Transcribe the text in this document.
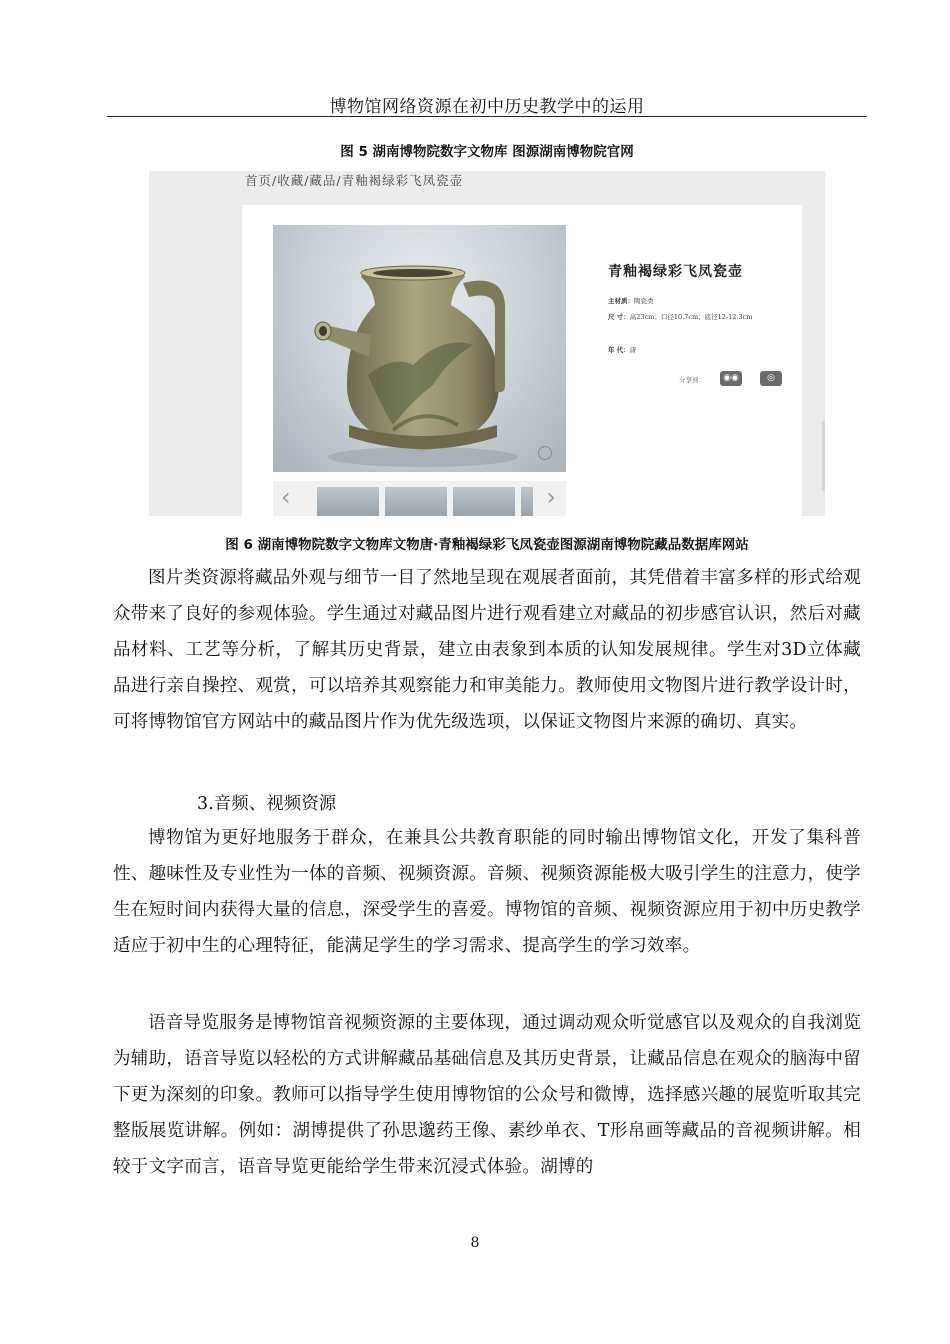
博物馆网络资源在初中历史教学中的运用
图 5 湖南博物院数字文物库 图源湖南博物院官网
首页/收藏/藏品/青釉褐绿彩飞凤瓷壶
‹	›
青釉褐绿彩飞凤瓷壶
主材质：陶瓷类
尺 寸：高23cm；口径10.7cm；底径12-12.3cm
年 代：唐
分享到：	◉◉	◎
图 6 湖南博物院数字文物库文物唐·青釉褐绿彩飞凤瓷壶图源湖南博物院藏品数据库网站

图片类资源将藏品外观与细节一目了然地呈现在观展者面前，其凭借着丰富多样的形式给观众带来了良好的参观体验。学生通过对藏品图片进行观看建立对藏品的初步感官认识，然后对藏品材料、工艺等分析，了解其历史背景，建立由表象到本质的认知发展规律。学生对3D立体藏品进行亲自操控、观赏，可以培养其观察能力和审美能力。教师使用文物图片进行教学设计时，可将博物馆官方网站中的藏品图片作为优先级选项，以保证文物图片来源的确切、真实。

3.音频、视频资源

博物馆为更好地服务于群众，在兼具公共教育职能的同时输出博物馆文化，开发了集科普性、趣味性及专业性为一体的音频、视频资源。音频、视频资源能极大吸引学生的注意力，使学生在短时间内获得大量的信息，深受学生的喜爱。博物馆的音频、视频资源应用于初中历史教学适应于初中生的心理特征，能满足学生的学习需求、提高学生的学习效率。

语音导览服务是博物馆音视频资源的主要体现，通过调动观众听觉感官以及观众的自我浏览为辅助，语音导览以轻松的方式讲解藏品基础信息及其历史背景，让藏品信息在观众的脑海中留下更为深刻的印象。教师可以指导学生使用博物馆的公众号和微博，选择感兴趣的展览听取其完整版展览讲解。例如：湖博提供了孙思邈药王像、素纱单衣、T形帛画等藏品的音视频讲解。相较于文字而言，语音导览更能给学生带来沉浸式体验。湖博的

8
